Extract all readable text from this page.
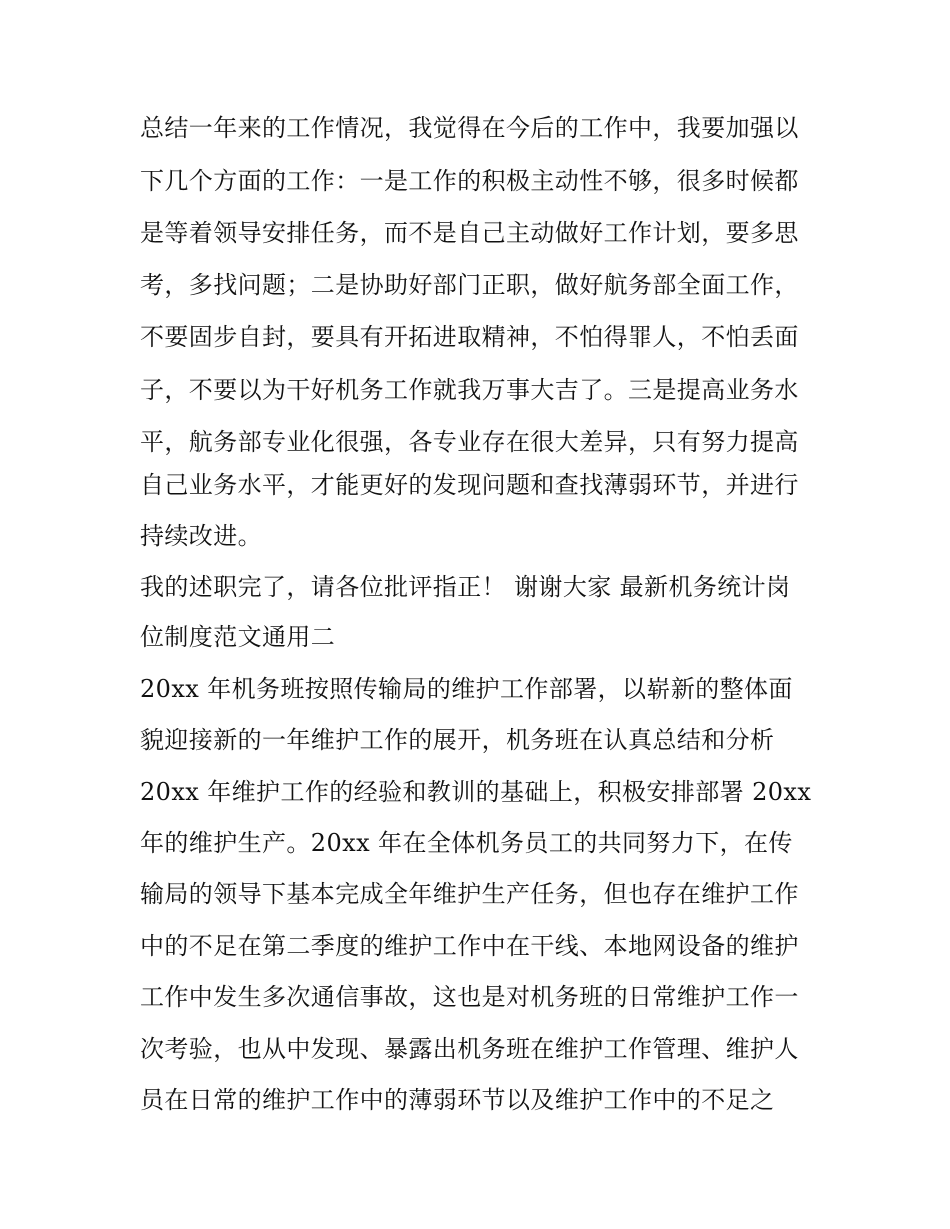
总结一年来的工作情况，我觉得在今后的工作中，我要加强以
下几个方面的工作：一是工作的积极主动性不够，很多时候都
是等着领导安排任务，而不是自己主动做好工作计划，要多思
考，多找问题；二是协助好部门正职，做好航务部全面工作，
不要固步自封，要具有开拓进取精神，不怕得罪人，不怕丢面
子，不要以为干好机务工作就我万事大吉了。三是提高业务水
平，航务部专业化很强，各专业存在很大差异，只有努力提高
自己业务水平，才能更好的发现问题和查找薄弱环节，并进行
持续改进。
我的述职完了，请各位批评指正！ 谢谢大家 最新机务统计岗
位制度范文通用二
20xx 年机务班按照传输局的维护工作部署，以崭新的整体面
貌迎接新的一年维护工作的展开，机务班在认真总结和分析
20xx 年维护工作的经验和教训的基础上，积极安排部署 20xx
年的维护生产。20xx 年在全体机务员工的共同努力下，在传
输局的领导下基本完成全年维护生产任务，但也存在维护工作
中的不足在第二季度的维护工作中在干线、本地网设备的维护
工作中发生多次通信事故，这也是对机务班的日常维护工作一
次考验，也从中发现、暴露出机务班在维护工作管理、维护人
员在日常的维护工作中的薄弱环节以及维护工作中的不足之
